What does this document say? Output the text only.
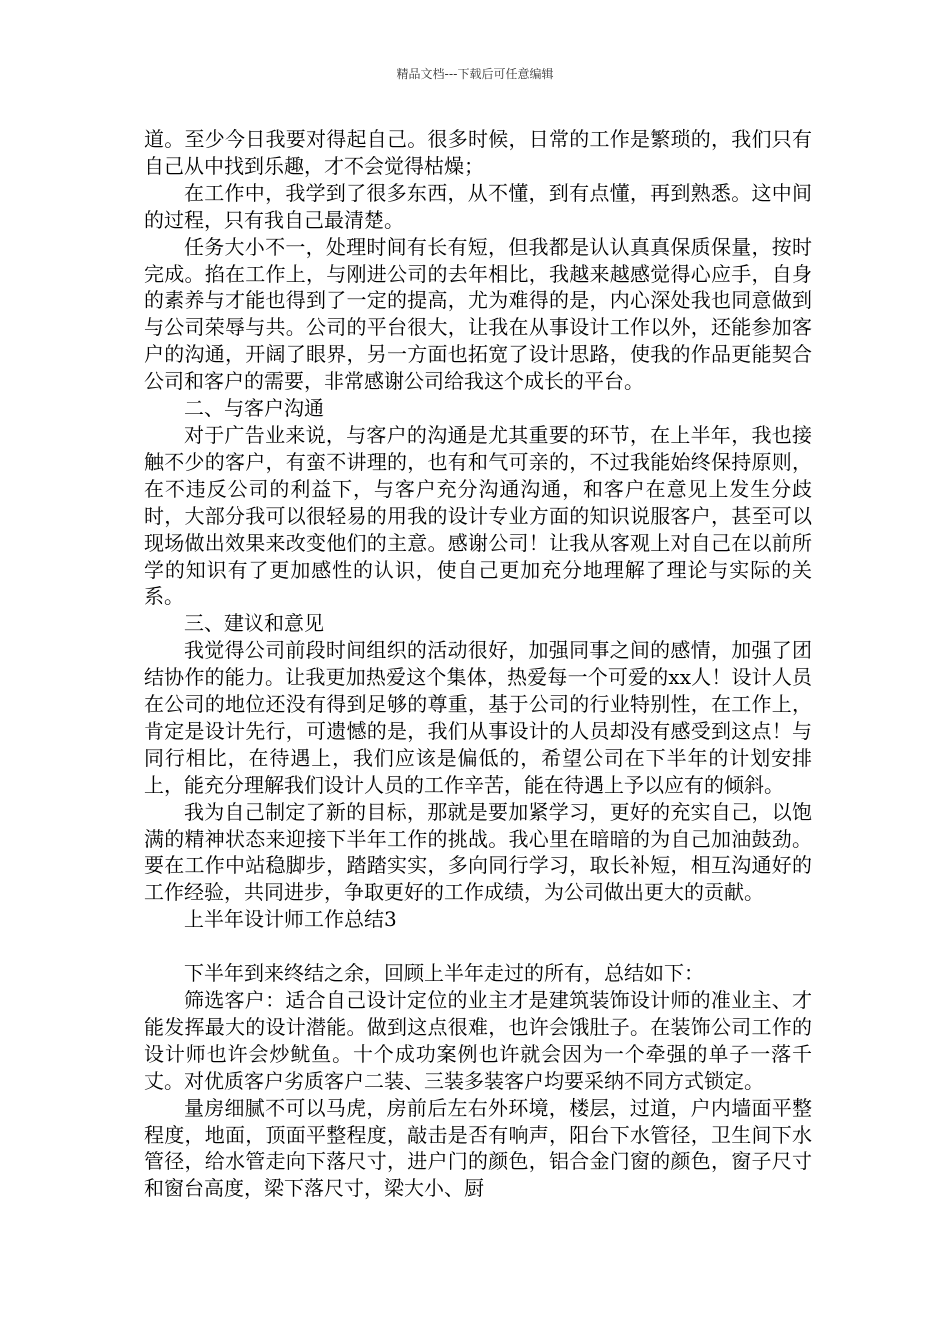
精品文档---下载后可任意编辑

道。至少今日我要对得起自己。很多时候，日常的工作是繁琐的，我们只有自己从中找到乐趣，才不会觉得枯燥；

在工作中，我学到了很多东西，从不懂，到有点懂，再到熟悉。这中间的过程，只有我自己最清楚。

任务大小不一，处理时间有长有短，但我都是认认真真保质保量，按时完成。掐在工作上，与刚进公司的去年相比，我越来越感觉得心应手，自身的素养与才能也得到了一定的提高，尤为难得的是，内心深处我也同意做到与公司荣辱与共。公司的平台很大，让我在从事设计工作以外，还能参加客户的沟通，开阔了眼界，另一方面也拓宽了设计思路，使我的作品更能契合公司和客户的需要，非常感谢公司给我这个成长的平台。

二、与客户沟通

对于广告业来说，与客户的沟通是尤其重要的环节，在上半年，我也接触不少的客户，有蛮不讲理的，也有和气可亲的，不过我能始终保持原则，在不违反公司的利益下，与客户充分沟通沟通，和客户在意见上发生分歧时，大部分我可以很轻易的用我的设计专业方面的知识说服客户，甚至可以现场做出效果来改变他们的主意。感谢公司！让我从客观上对自己在以前所学的知识有了更加感性的认识，使自己更加充分地理解了理论与实际的关系。

三、建议和意见

我觉得公司前段时间组织的活动很好，加强同事之间的感情，加强了团结协作的能力。让我更加热爱这个集体，热爱每一个可爱的xx人！设计人员在公司的地位还没有得到足够的尊重，基于公司的行业特别性，在工作上，肯定是设计先行，可遗憾的是，我们从事设计的人员却没有感受到这点！与同行相比，在待遇上，我们应该是偏低的，希望公司在下半年的计划安排上，能充分理解我们设计人员的工作辛苦，能在待遇上予以应有的倾斜。

我为自己制定了新的目标，那就是要加紧学习，更好的充实自己，以饱满的精神状态来迎接下半年工作的挑战。我心里在暗暗的为自己加油鼓劲。要在工作中站稳脚步，踏踏实实，多向同行学习，取长补短，相互沟通好的工作经验，共同进步，争取更好的工作成绩，为公司做出更大的贡献。

上半年设计师工作总结3

下半年到来终结之余，回顾上半年走过的所有，总结如下：

筛选客户：适合自己设计定位的业主才是建筑装饰设计师的准业主、才能发挥最大的设计潜能。做到这点很难，也许会饿肚子。在装饰公司工作的设计师也许会炒鱿鱼。十个成功案例也许就会因为一个牵强的单子一落千丈。对优质客户劣质客户二装、三装多装客户均要采纳不同方式锁定。

量房细腻不可以马虎，房前后左右外环境，楼层，过道，户内墙面平整程度，地面，顶面平整程度，敲击是否有响声，阳台下水管径，卫生间下水管径，给水管走向下落尺寸，进户门的颜色，铝合金门窗的颜色，窗子尺寸和窗台高度，梁下落尺寸，梁大小、厨
